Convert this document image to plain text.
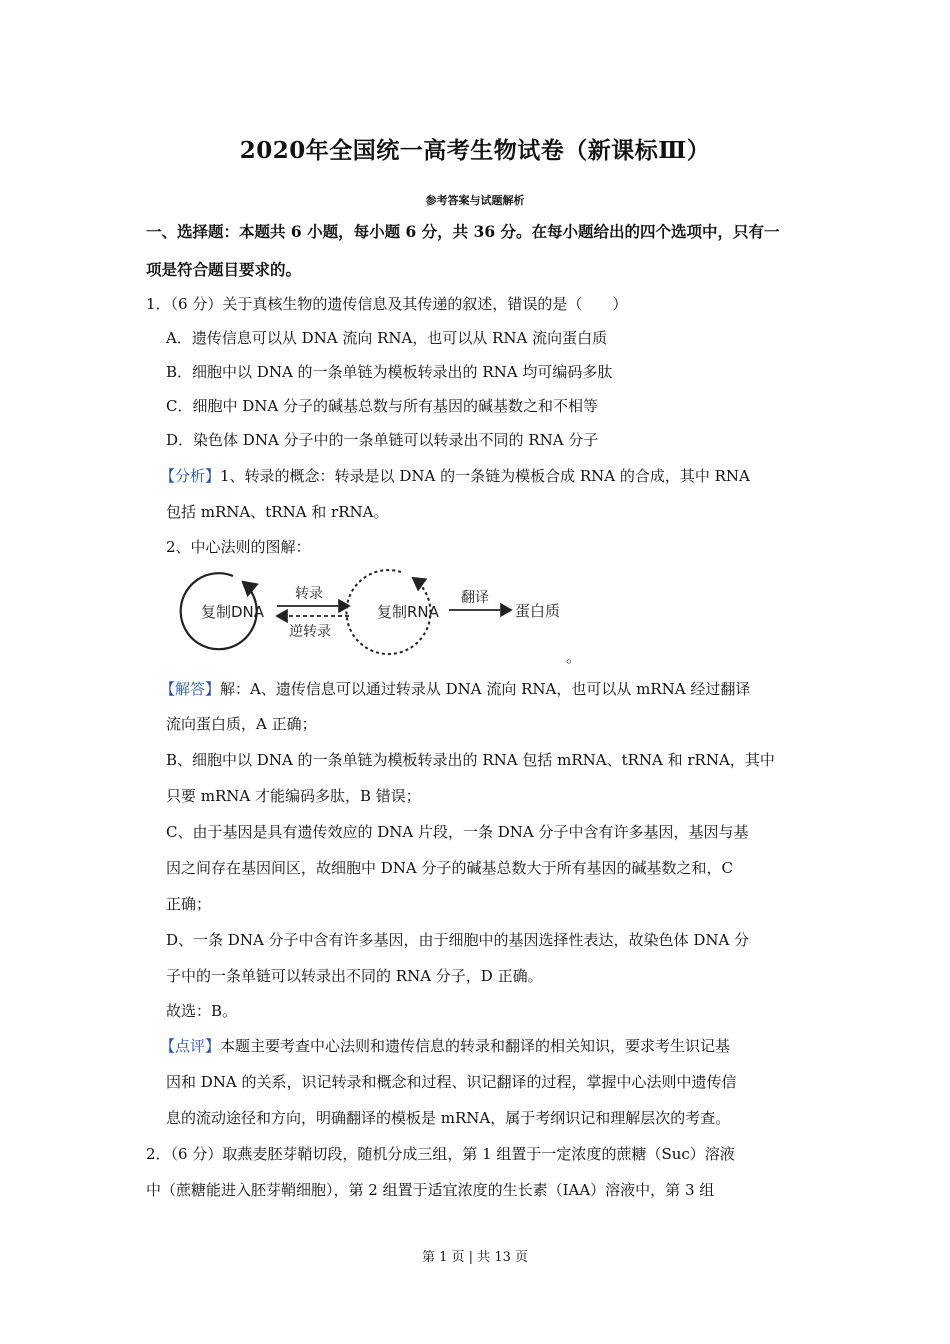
2020年全国统一高考生物试卷（新课标Ⅲ）
参考答案与试题解析
一、选择题：本题共 6 小题，每小题 6 分，共 36 分。在每小题给出的四个选项中，只有一
项是符合题目要求的。
1．（6 分）关于真核生物的遗传信息及其传递的叙述，错误的是（　　）
A．遗传信息可以从 DNA 流向 RNA，也可以从 RNA 流向蛋白质
B．细胞中以 DNA 的一条单链为模板转录出的 RNA 均可编码多肽
C．细胞中 DNA 分子的碱基总数与所有基因的碱基数之和不相等
D．染色体 DNA 分子中的一条单链可以转录出不同的 RNA 分子
【分析】1、转录的概念：转录是以 DNA 的一条链为模板合成 RNA 的合成，其中 RNA
包括 mRNA、tRNA 和 rRNA。
2、中心法则的图解：
复制DNA
转录
逆转录
复制RNA
翻译
蛋白质
。
【解答】解：A、遗传信息可以通过转录从 DNA 流向 RNA，也可以从 mRNA 经过翻译
流向蛋白质，A 正确；
B、细胞中以 DNA 的一条单链为模板转录出的 RNA 包括 mRNA、tRNA 和 rRNA，其中
只要 mRNA 才能编码多肽，B 错误；
C、由于基因是具有遗传效应的 DNA 片段，一条 DNA 分子中含有许多基因，基因与基
因之间存在基因间区，故细胞中 DNA 分子的碱基总数大于所有基因的碱基数之和，C
正确；
D、一条 DNA 分子中含有许多基因，由于细胞中的基因选择性表达，故染色体 DNA 分
子中的一条单链可以转录出不同的 RNA 分子，D 正确。
故选：B。
【点评】本题主要考查中心法则和遗传信息的转录和翻译的相关知识，要求考生识记基
因和 DNA 的关系，识记转录和概念和过程、识记翻译的过程，掌握中心法则中遗传信
息的流动途径和方向，明确翻译的模板是 mRNA，属于考纲识记和理解层次的考查。
2．（6 分）取燕麦胚芽鞘切段，随机分成三组，第 1 组置于一定浓度的蔗糖（Suc）溶液
中（蔗糖能进入胚芽鞘细胞），第 2 组置于适宜浓度的生长素（IAA）溶液中，第 3 组
第 1 页 | 共 13 页
